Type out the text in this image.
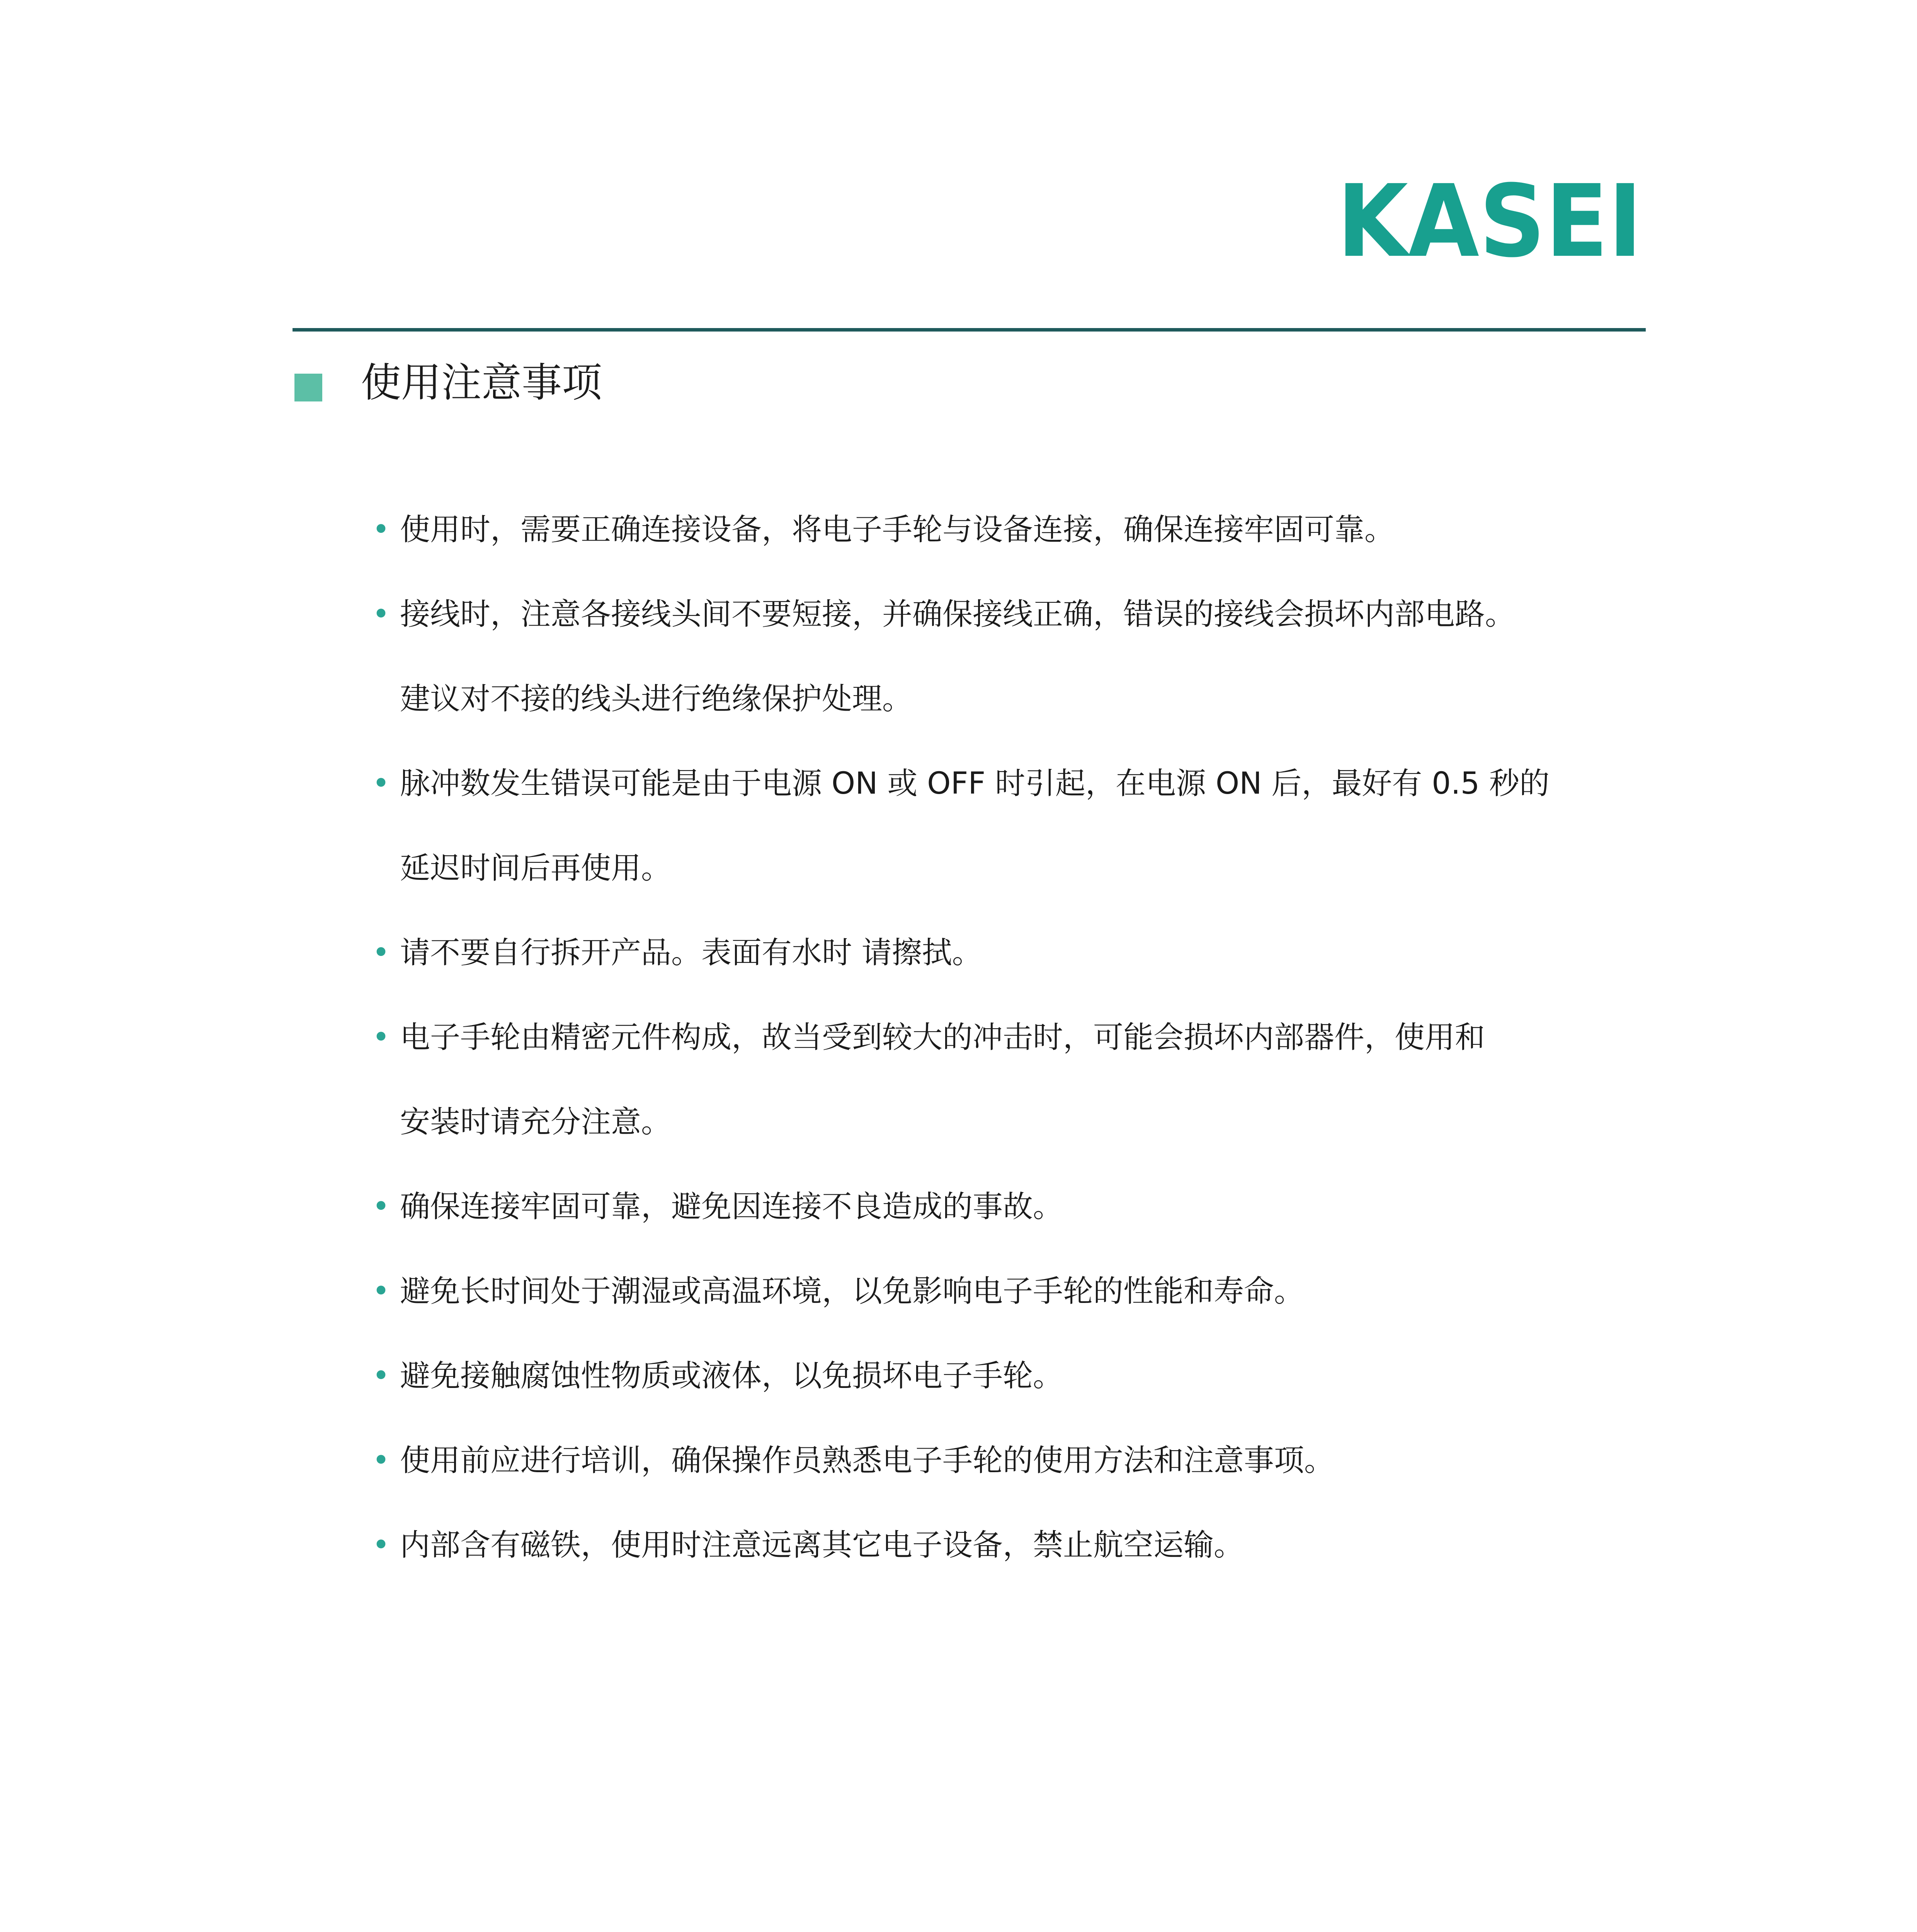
KASEI
使用注意事项
• 使用时，需要正确连接设备，将电子手轮与设备连接，确保连接牢固可靠。
• 接线时，注意各接线头间不要短接，并确保接线正确，错误的接线会损坏内部电路。
建议对不接的线头进行绝缘保护处理。
• 脉冲数发生错误可能是由于电源 ON 或 OFF 时引起，在电源 ON 后，最好有 0.5 秒的
延迟时间后再使用。
• 请不要自行拆开产品。表面有水时 请擦拭。
• 电子手轮由精密元件构成，故当受到较大的冲击时，可能会损坏内部器件，使用和
安装时请充分注意。
• 确保连接牢固可靠，避免因连接不良造成的事故。
• 避免长时间处于潮湿或高温环境，以免影响电子手轮的性能和寿命。
• 避免接触腐蚀性物质或液体，以免损坏电子手轮。
• 使用前应进行培训，确保操作员熟悉电子手轮的使用方法和注意事项。
• 内部含有磁铁，使用时注意远离其它电子设备，禁止航空运输。
